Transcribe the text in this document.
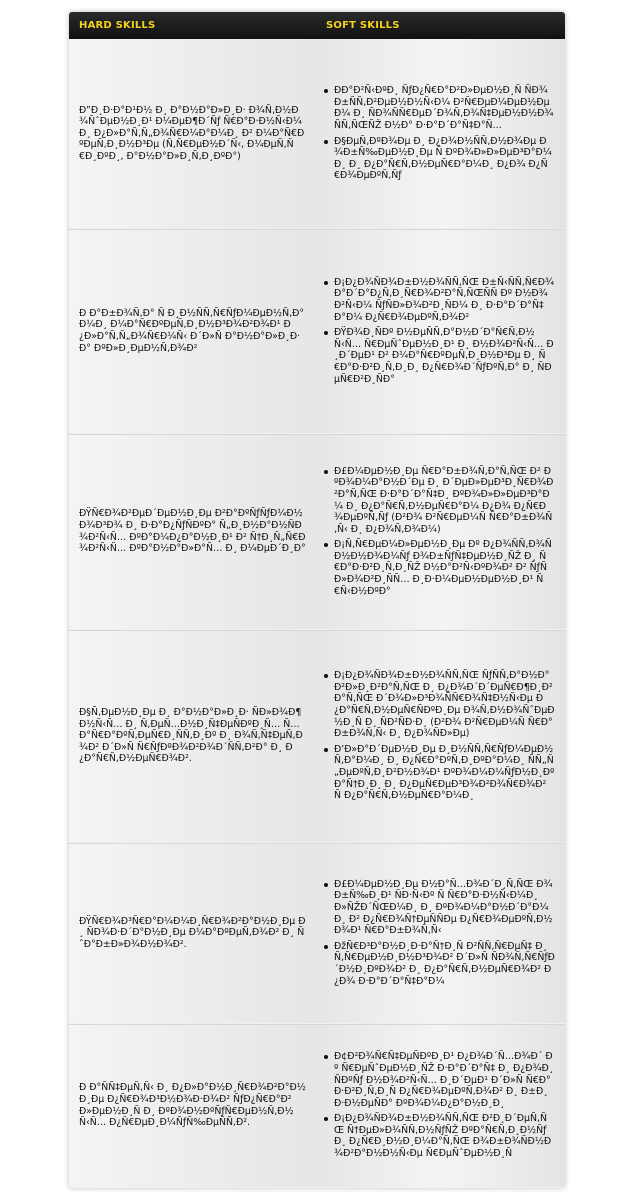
HARD SKILLS	SOFT SKILLS
Ð”Ð¸Ð·Ð°Ð¹Ð½ Ð¸ Ð°Ð½Ð°Ð»Ð¸Ð· Ð¾Ñ‚Ð½Ð¾ÑˆÐµÐ½Ð¸Ð¹ Ð¼ÐµÐ¶Ð´Ñƒ Ñ€Ð°Ð·Ð½Ñ‹Ð¼Ð¸ Ð¿Ð»Ð°Ñ‚Ñ„Ð¾Ñ€Ð¼Ð°Ð¼Ð¸ Ð² Ð¼Ð°Ñ€ÐºÐµÑ‚Ð¸Ð½Ð³Ðµ (Ñ‚Ñ€ÐµÐ½Ð´Ñ‹, Ð¼ÐµÑ‚Ñ€Ð¸ÐºÐ¸, Ð°Ð½Ð°Ð»Ð¸Ñ‚Ð¸ÐºÐ°)
ÐÐ°Ð²Ñ‹ÐºÐ¸ ÑƒÐ¿Ñ€Ð°Ð²Ð»ÐµÐ½Ð¸Ñ ÑÐ¾Ð±ÑÑ‚Ð²ÐµÐ½Ð½Ñ‹Ð¼ Ð²Ñ€ÐµÐ¼ÐµÐ½ÐµÐ¼ Ð¸ ÑÐ¾ÑÑ€ÐµÐ´Ð¾Ñ‚Ð¾Ñ‡ÐµÐ½Ð½Ð¾ÑÑ‚ÑŒÑŽ Ð½Ð° Ð·Ð°Ð´Ð°Ñ‡Ð°Ñ…
Ð§ÐµÑ‚ÐºÐ¾Ðµ Ð¸ Ð¿Ð¾Ð½ÑÑ‚Ð½Ð¾Ðµ Ð¾Ð±Ñ‰ÐµÐ½Ð¸Ðµ Ñ ÐºÐ¾Ð»Ð»ÐµÐ³Ð°Ð¼Ð¸ Ð¸ Ð¿Ð°Ñ€Ñ‚Ð½ÐµÑ€Ð°Ð¼Ð¸ Ð¿Ð¾ Ð¿Ñ€Ð¾ÐµÐºÑ‚Ñƒ
Ð Ð°Ð±Ð¾Ñ‚Ð° Ñ Ð¸Ð½ÑÑ‚Ñ€ÑƒÐ¼ÐµÐ½Ñ‚Ð°Ð¼Ð¸ Ð¼Ð°Ñ€ÐºÐµÑ‚Ð¸Ð½Ð³Ð¾Ð²Ð¾Ð¹ Ð¿Ð»Ð°Ñ‚Ñ„Ð¾Ñ€Ð¼Ñ‹ Ð´Ð»Ñ Ð°Ð½Ð°Ð»Ð¸Ð·Ð° ÐºÐ»Ð¸ÐµÐ½Ñ‚Ð¾Ð²
Ð¡Ð¿Ð¾ÑÐ¾Ð±Ð½Ð¾ÑÑ‚ÑŒ Ð±Ñ‹ÑÑ‚Ñ€Ð¾ Ð°Ð´Ð°Ð¿Ñ‚Ð¸Ñ€Ð¾Ð²Ð°Ñ‚ÑŒÑÑ Ðº Ð½Ð¾Ð²Ñ‹Ð¼ ÑƒÑÐ»Ð¾Ð²Ð¸ÑÐ¼ Ð¸ Ð·Ð°Ð´Ð°Ñ‡Ð°Ð¼ Ð¿Ñ€Ð¾ÐµÐºÑ‚Ð¾Ð²
ÐŸÐ¾Ð¸ÑÐº Ð½ÐµÑÑ‚Ð°Ð½Ð´Ð°Ñ€Ñ‚Ð½Ñ‹Ñ… Ñ€ÐµÑˆÐµÐ½Ð¸Ð¹ Ð¸ Ð½Ð¾Ð²Ñ‹Ñ… Ð¸Ð´ÐµÐ¹ Ð² Ð¼Ð°Ñ€ÐºÐµÑ‚Ð¸Ð½Ð³Ðµ Ð¸ Ñ€Ð°Ð·Ð²Ð¸Ñ‚Ð¸Ð¸ Ð¿Ñ€Ð¾Ð´ÑƒÐºÑ‚Ð° Ð¸ ÑÐµÑ€Ð²Ð¸ÑÐ°
ÐŸÑ€Ð¾Ð²ÐµÐ´ÐµÐ½Ð¸Ðµ Ð²Ð°ÐºÑƒÑƒÐ¼Ð½Ð¾Ð³Ð¾ Ð¸ Ð·Ð°Ð¿ÑƒÑÐºÐ° Ñ„Ð¸Ð½Ð°Ð½ÑÐ¾Ð²Ñ‹Ñ… ÐºÐ°Ð¼Ð¿Ð°Ð½Ð¸Ð¹ Ð² Ñ†Ð¸Ñ„Ñ€Ð¾Ð²Ñ‹Ñ… ÐºÐ°Ð½Ð°Ð»Ð°Ñ… Ð¸ Ð¼ÐµÐ´Ð¸Ð°
Ð£Ð¼ÐµÐ½Ð¸Ðµ Ñ€Ð°Ð±Ð¾Ñ‚Ð°Ñ‚ÑŒ Ð² ÐºÐ¾Ð¼Ð°Ð½Ð´Ðµ Ð¸ Ð´ÐµÐ»ÐµÐ³Ð¸Ñ€Ð¾Ð²Ð°Ñ‚ÑŒ Ð·Ð°Ð´Ð°Ñ‡Ð¸ ÐºÐ¾Ð»Ð»ÐµÐ³Ð°Ð¼ Ð¸ Ð¿Ð°Ñ€Ñ‚Ð½ÐµÑ€Ð°Ð¼ Ð¿Ð¾ Ð¿Ñ€Ð¾ÐµÐºÑ‚Ñƒ (Ð²Ð¾ Ð²Ñ€ÐµÐ¼Ñ Ñ€Ð°Ð±Ð¾Ñ‚Ñ‹ Ð¸ Ð¿Ð¾Ñ‚Ð¾Ð¼)
Ð¡Ñ‚Ñ€ÐµÐ¼Ð»ÐµÐ½Ð¸Ðµ Ðº Ð¿Ð¾ÑÑ‚Ð¾ÑÐ½Ð½Ð¾Ð¼Ñƒ Ð¾Ð±ÑƒÑ‡ÐµÐ½Ð¸ÑŽ Ð¸ Ñ€Ð°Ð·Ð²Ð¸Ñ‚Ð¸ÑŽ Ð½Ð°Ð²Ñ‹ÐºÐ¾Ð² Ð² ÑƒÑÐ»Ð¾Ð²Ð¸ÑÑ… Ð¸Ð·Ð¼ÐµÐ½ÐµÐ½Ð¸Ð¹ Ñ€Ñ‹Ð½ÐºÐ°
Ð§Ñ‚ÐµÐ½Ð¸Ðµ Ð¸ Ð°Ð½Ð°Ð»Ð¸Ð· ÑÐ»Ð¾Ð¶Ð½Ñ‹Ñ… Ð¸ Ñ‚ÐµÑ…Ð½Ð¸Ñ‡ÐµÑÐºÐ¸Ñ… Ñ…Ð°Ñ€Ð°ÐºÑ‚ÐµÑ€Ð¸ÑÑ‚Ð¸Ðº Ð¸ Ð¾Ñ‚Ñ‡ÐµÑ‚Ð¾Ð² Ð´Ð»Ñ Ñ€ÑƒÐºÐ¾Ð²Ð¾Ð´ÑÑ‚Ð²Ð° Ð¸ Ð¿Ð°Ñ€Ñ‚Ð½ÐµÑ€Ð¾Ð².
Ð¡Ð¿Ð¾ÑÐ¾Ð±Ð½Ð¾ÑÑ‚ÑŒ ÑƒÑÑ‚Ð°Ð½Ð°Ð²Ð»Ð¸Ð²Ð°Ñ‚ÑŒ Ð¸ Ð¿Ð¾Ð´Ð´ÐµÑ€Ð¶Ð¸Ð²Ð°Ñ‚ÑŒ Ð´Ð¾Ð»Ð³Ð¾ÑÑ€Ð¾Ñ‡Ð½Ñ‹Ðµ Ð¿Ð°Ñ€Ñ‚Ð½ÐµÑ€ÑÐºÐ¸Ðµ Ð¾Ñ‚Ð½Ð¾ÑˆÐµÐ½Ð¸Ñ Ð¸ ÑÐ²ÑÐ·Ð¸ (Ð²Ð¾ Ð²Ñ€ÐµÐ¼Ñ Ñ€Ð°Ð±Ð¾Ñ‚Ñ‹ Ð¸ Ð¿Ð¾ÑÐ»Ðµ)
Ð’Ð»Ð°Ð´ÐµÐ½Ð¸Ðµ Ð¸Ð½ÑÑ‚Ñ€ÑƒÐ¼ÐµÐ½Ñ‚Ð°Ð¼Ð¸ Ð¸ Ð¿Ñ€Ð°ÐºÑ‚Ð¸ÐºÐ°Ð¼Ð¸ ÑÑ„Ñ„ÐµÐºÑ‚Ð¸Ð²Ð½Ð¾Ð¹ ÐºÐ¾Ð¼Ð¼ÑƒÐ½Ð¸ÐºÐ°Ñ†Ð¸Ð¸ Ð¸ Ð¿ÐµÑ€ÐµÐ³Ð¾Ð²Ð¾Ñ€Ð¾Ð² Ñ Ð¿Ð°Ñ€Ñ‚Ð½ÐµÑ€Ð°Ð¼Ð¸
ÐŸÑ€Ð¾Ð³Ñ€Ð°Ð¼Ð¼Ð¸Ñ€Ð¾Ð²Ð°Ð½Ð¸Ðµ Ð¸ ÑÐ¾Ð·Ð´Ð°Ð½Ð¸Ðµ Ð¼Ð°ÐºÐµÑ‚Ð¾Ð² Ð¸ ÑˆÐ°Ð±Ð»Ð¾Ð½Ð¾Ð².
Ð£Ð¼ÐµÐ½Ð¸Ðµ Ð½Ð°Ñ…Ð¾Ð´Ð¸Ñ‚ÑŒ Ð¾Ð±Ñ‰Ð¸Ð¹ ÑÐ·Ñ‹Ðº Ñ Ñ€Ð°Ð·Ð½Ñ‹Ð¼Ð¸ Ð»ÑŽÐ´ÑŒÐ¼Ð¸ Ð¸ ÐºÐ¾Ð¼Ð°Ð½Ð´Ð°Ð¼Ð¸ Ð² Ð¿Ñ€Ð¾Ñ†ÐµÑÑÐµ Ð¿Ñ€Ð¾ÐµÐºÑ‚Ð½Ð¾Ð¹ Ñ€Ð°Ð±Ð¾Ñ‚Ñ‹
ÐžÑ€Ð³Ð°Ð½Ð¸Ð·Ð°Ñ†Ð¸Ñ Ð²ÑÑ‚Ñ€ÐµÑ‡ Ð¸ Ñ‚Ñ€ÐµÐ½Ð¸Ð½Ð³Ð¾Ð² Ð´Ð»Ñ ÑÐ¾Ñ‚Ñ€ÑƒÐ´Ð½Ð¸ÐºÐ¾Ð² Ð¸ Ð¿Ð°Ñ€Ñ‚Ð½ÐµÑ€Ð¾Ð² Ð¿Ð¾ Ð·Ð°Ð´Ð°Ñ‡Ð°Ð¼
Ð Ð°ÑÑ‡ÐµÑ‚Ñ‹ Ð¸ Ð¿Ð»Ð°Ð½Ð¸Ñ€Ð¾Ð²Ð°Ð½Ð¸Ðµ Ð¿Ñ€Ð¾Ð³Ð½Ð¾Ð·Ð¾Ð² ÑƒÐ¿Ñ€Ð°Ð²Ð»ÐµÐ½Ð¸Ñ Ð¸ ÐºÐ¾Ð½ÐºÑƒÑ€ÐµÐ½Ñ‚Ð½Ñ‹Ñ… Ð¿Ñ€ÐµÐ¸Ð¼ÑƒÑ‰ÐµÑÑ‚Ð².
Ð¢Ð²Ð¾Ñ€Ñ‡ÐµÑÐºÐ¸Ð¹ Ð¿Ð¾Ð´Ñ…Ð¾Ð´ Ðº Ñ€ÐµÑˆÐµÐ½Ð¸ÑŽ Ð·Ð°Ð´Ð°Ñ‡ Ð¸ Ð¿Ð¾Ð¸ÑÐºÑƒ Ð½Ð¾Ð²Ñ‹Ñ… Ð¸Ð´ÐµÐ¹ Ð´Ð»Ñ Ñ€Ð°Ð·Ð²Ð¸Ñ‚Ð¸Ñ Ð¿Ñ€Ð¾ÐµÐºÑ‚Ð¾Ð² Ð¸ Ð±Ð¸Ð·Ð½ÐµÑÐ° ÐºÐ¾Ð¼Ð¿Ð°Ð½Ð¸Ð¸
Ð¡Ð¿Ð¾ÑÐ¾Ð±Ð½Ð¾ÑÑ‚ÑŒ Ð²Ð¸Ð´ÐµÑ‚ÑŒ Ñ†ÐµÐ»Ð¾ÑÑ‚Ð½ÑƒÑŽ ÐºÐ°Ñ€Ñ‚Ð¸Ð½Ñƒ Ð¸ Ð¿Ñ€Ð¸Ð½Ð¸Ð¼Ð°Ñ‚ÑŒ Ð¾Ð±Ð¾ÑÐ½Ð¾Ð²Ð°Ð½Ð½Ñ‹Ðµ Ñ€ÐµÑˆÐµÐ½Ð¸Ñ
